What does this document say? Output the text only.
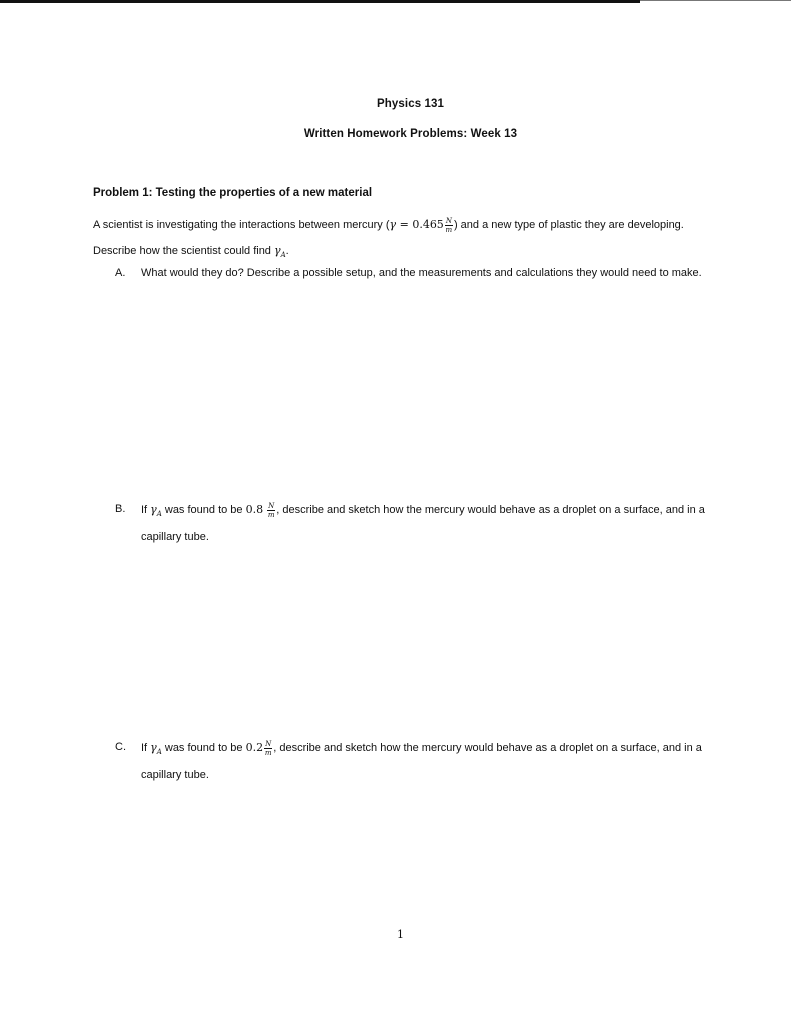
Physics 131
Written Homework Problems: Week 13
Problem 1: Testing the properties of a new material
A scientist is investigating the interactions between mercury ($\gamma = 0.465 \frac{N}{m}$ ) and a new type of plastic they are developing. Describe how the scientist could find $\gamma_A$.
A. What would they do? Describe a possible setup, and the measurements and calculations they would need to make.
B. If $\gamma_A$ was found to be $0.8 \frac{N}{m}$ , describe and sketch how the mercury would behave as a droplet on a surface, and in a capillary tube.
C. If $\gamma_A$ was found to be $0.2 \frac{N}{m}$ , describe and sketch how the mercury would behave as a droplet on a surface, and in a capillary tube.
1
